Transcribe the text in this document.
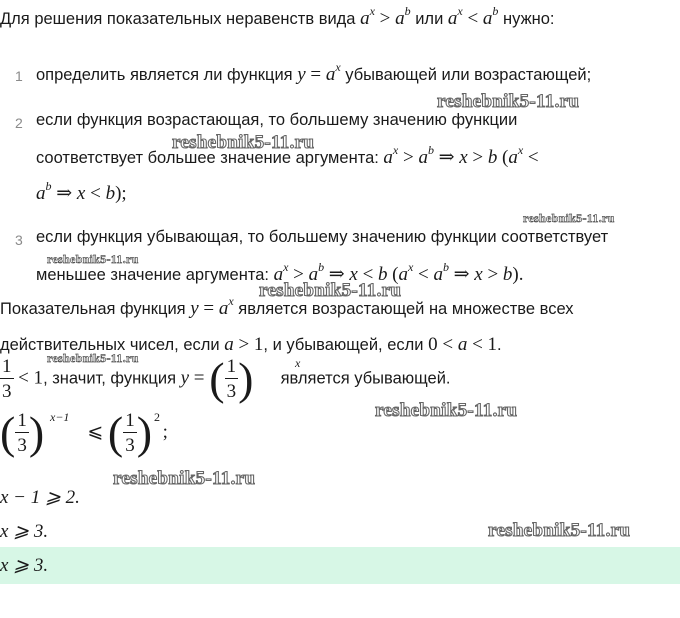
Для решения показательных неравенств вида $a^x > a^b$ или $a^x < a^b$ нужно:
1 определить является ли функция $y = a^x$ убывающей или возрастающей;
2 если функция возрастающая, то большему значению функции
соответствует большее значение аргумента: $a^x > a^b$ ⇒ x > b ($a^x$ <
$a^b$ ⇒ x < b);
3 если функция убывающая, то большему значению функции соответствует
меньшее значение аргумента: $a^x > a^b$ ⇒ x < b ($a^x < a^b$ ⇒ x > b).
Показательная функция $y = a^x$ является возрастающей на множестве всех
действительных чисел, если a > 1, и убывающей, если 0 < a < 1.
$\frac{1}{3} < 1$, значит, функция y = ( $\frac{1}{3}$ ) является убывающей.
x
( $\frac{1}{3}$ ) ⩽ ( $\frac{1}{3}$ ) ;
x−1	2
x − 1 ⩾ 2.
x ⩾ 3.
x ⩾ 3.
reshebnik5-11.ru
reshebnik5-11.ru
reshebnik5-11.ru
reshebnik5-11.ru
reshebnik5-11.ru
reshebnik5-11.ru
reshebnik5-11.ru
reshebnik5-11.ru
reshebnik5-11.ru
